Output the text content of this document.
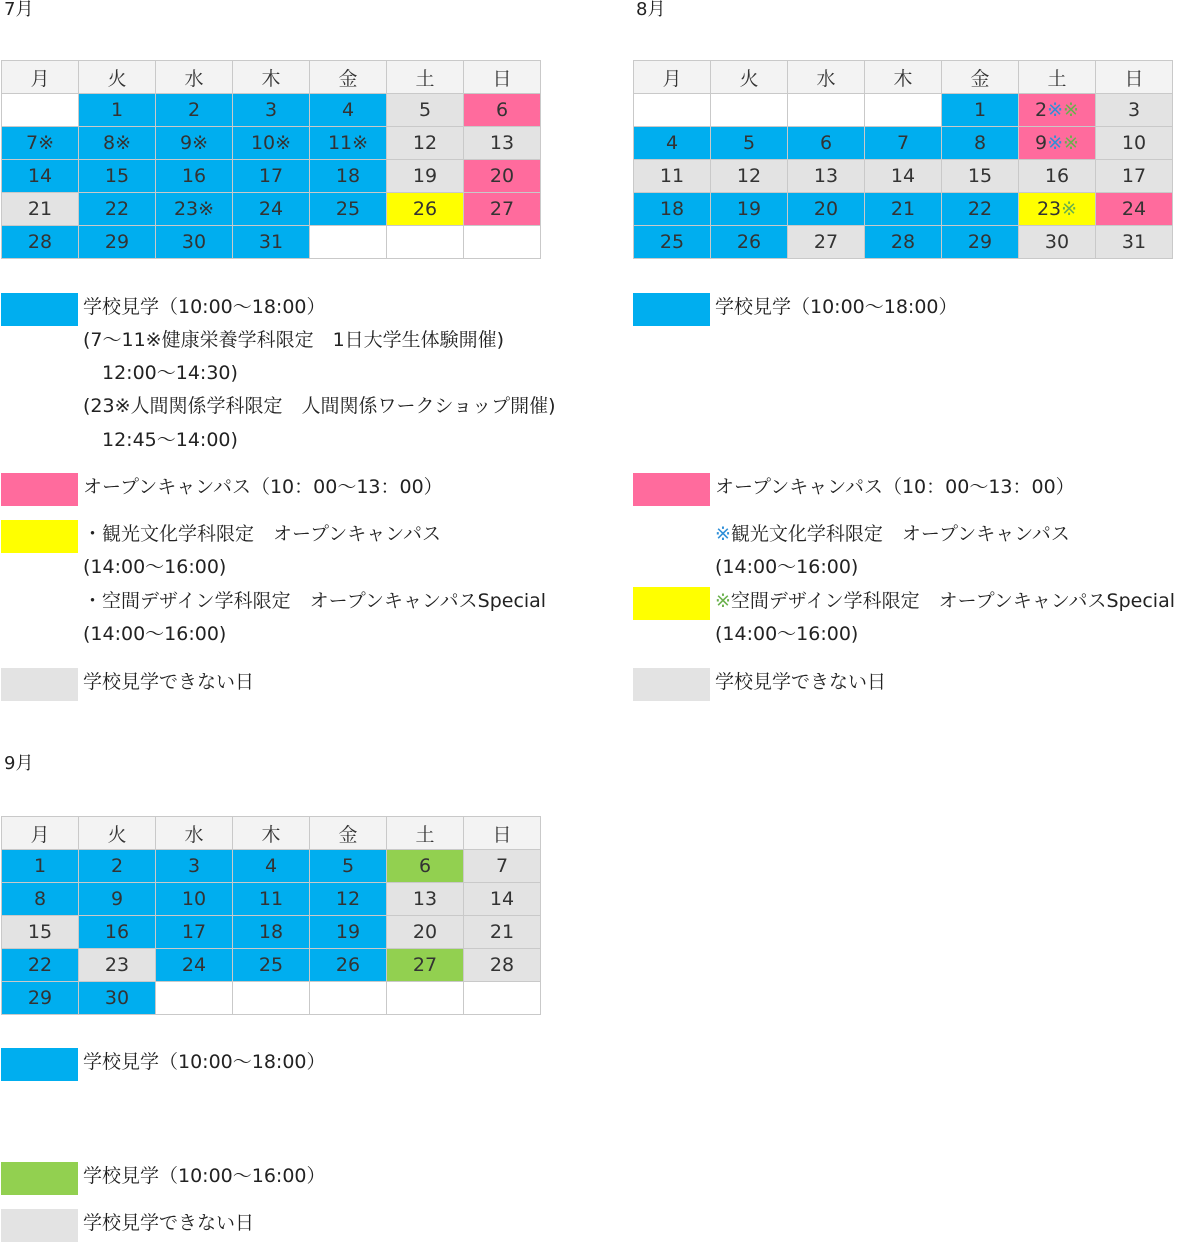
7月	8月
9月
月	火	水	木	金	土	日
	1	2	3	4	5	6
7※	8※	9※	10※	11※	12	13
14	15	16	17	18	19	20
21	22	23※	24	25	26	27
28	29	30	31			
月	火	水	木	金	土	日
				1	2※※	3
4	5	6	7	8	9※※	10
11	12	13	14	15	16	17
18	19	20	21	22	23※	24
25	26	27	28	29	30	31
月	火	水	木	金	土	日
1	2	3	4	5	6	7
8	9	10	11	12	13	14
15	16	17	18	19	20	21
22	23	24	25	26	27	28
29	30					
学校見学（10:00～18:00）
(7～11※健康栄養学科限定　1日大学生体験開催)
　12:00～14:30)
(23※人間関係学科限定　人間関係ワークショップ開催)
　12:45～14:00)
オープンキャンパス（10：00～13：00）
・観光文化学科限定　オープンキャンパス
(14:00～16:00)
・空間デザイン学科限定　オープンキャンパスSpecial
(14:00～16:00)
学校見学できない日
学校見学（10:00～18:00）
オープンキャンパス（10：00～13：00）
※観光文化学科限定　オープンキャンパス
(14:00～16:00)
※空間デザイン学科限定　オープンキャンパスSpecial
(14:00～16:00)
学校見学できない日
学校見学（10:00～18:00）
学校見学（10:00～16:00）
学校見学できない日
